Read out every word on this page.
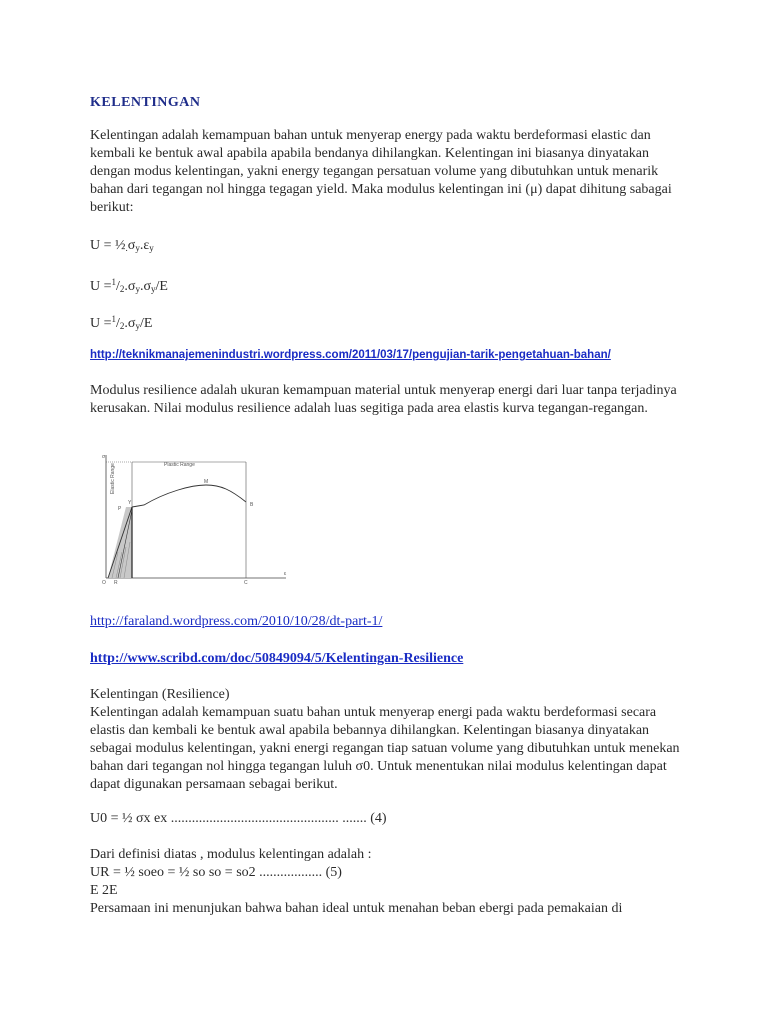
KELENTINGAN

Kelentingan adalah kemampuan bahan untuk menyerap energy pada waktu berdeformasi elastic dan kembali ke bentuk awal apabila apabila bendanya dihilangkan. Kelentingan ini biasanya dinyatakan dengan modus kelentingan, yakni energy tegangan persatuan volume yang dibutuhkan untuk menarik bahan dari tegangan nol hingga tegagan yield. Maka modulus kelentingan ini (μ) dapat dihitung sabagai berikut:

$U = \frac{1}{2}_.\sigma_y.\varepsilon_y$

$U =^1/_2.\sigma_y.\sigma_y/E$

$U =^1/_2.\sigma_y/E$

http://teknikmanajemenindustri.wordpress.com/2011/03/17/pengujian-tarik-pengetahuan-bahan/

Modulus resilience adalah ukuran kemampuan material untuk menyerap energi dari luar tanpa terjadinya kerusakan. Nilai modulus resilience adalah luas segitiga pada area elastis kurva tegangan-regangan.

Plastic Range
Elastic Range
P
Y
M
B
O R	C
ε
σ
http://faraland.wordpress.com/2010/10/28/dt-part-1/
http://www.scribd.com/doc/50849094/5/Kelentingan-Resilience

Kelentingan (Resilience)

Kelentingan adalah kemampuan suatu bahan untuk menyerap energi pada waktu berdeformasi secara elastis dan kembali ke bentuk awal apabila bebannya dihilangkan. Kelentingan biasanya dinyatakan sebagai modulus kelentingan, yakni energi regangan tiap satuan volume yang dibutuhkan untuk menekan bahan dari tegangan nol hingga tegangan luluh σ0. Untuk menentukan nilai modulus kelentingan dapat dapat digunakan persamaan sebagai berikut.

U0 = ½ σx ex ................................................ ....... (4)

Dari definisi diatas , modulus kelentingan adalah :
UR = ½ soeo = ½ so so = so2 .................. (5)
E 2E
Persamaan ini menunjukan bahwa bahan ideal untuk menahan beban ebergi pada pemakaian di
